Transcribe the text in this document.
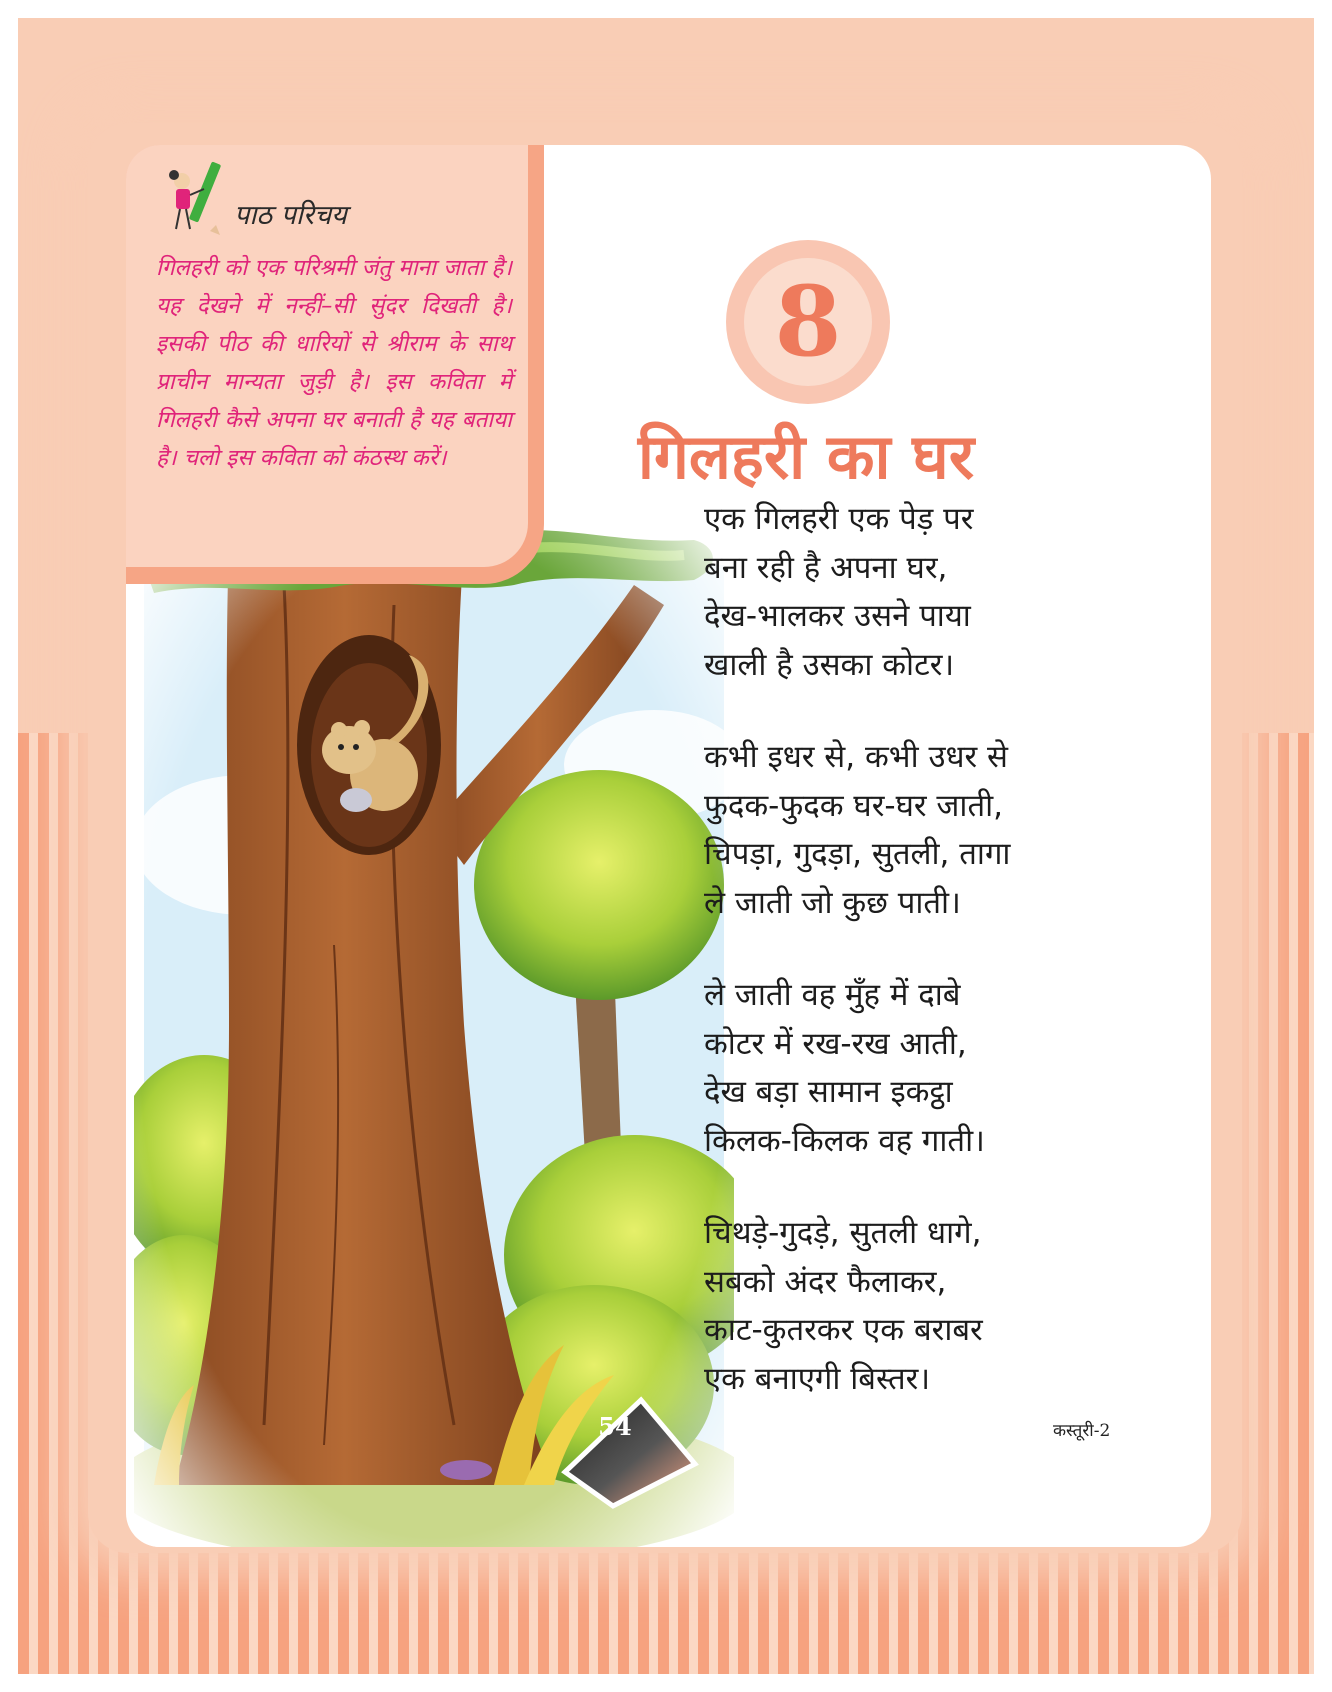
पाठ परिचय

गिलहरी को एक परिश्रमी जंतु माना जाता है। यह देखने में नन्हीं–सी सुंदर दिखती है। इसकी पीठ की धारियों से श्रीराम के साथ प्राचीन मान्यता जुड़ी है। इस कविता में गिलहरी कैसे अपना घर बनाती है यह बताया है। चलो इस कविता को कंठस्थ करें।

8
गिलहरी का घर
एक गिलहरी एक पेड़ पर
बना रही है अपना घर,
देख-भालकर उसने पाया
खाली है उसका कोटर।
कभी इधर से, कभी उधर से
फुदक-फुदक घर-घर जाती,
चिपड़ा, गुदड़ा, सुतली, तागा
ले जाती जो कुछ पाती।
ले जाती वह मुँह में दाबे
कोटर में रख-रख आती,
देख बड़ा सामान इकट्ठा
किलक-किलक वह गाती।
चिथड़े-गुदड़े, सुतली धागे,
सबको अंदर फैलाकर,
काट-कुतरकर एक बराबर
एक बनाएगी बिस्तर।
कस्तूरी-2
54
